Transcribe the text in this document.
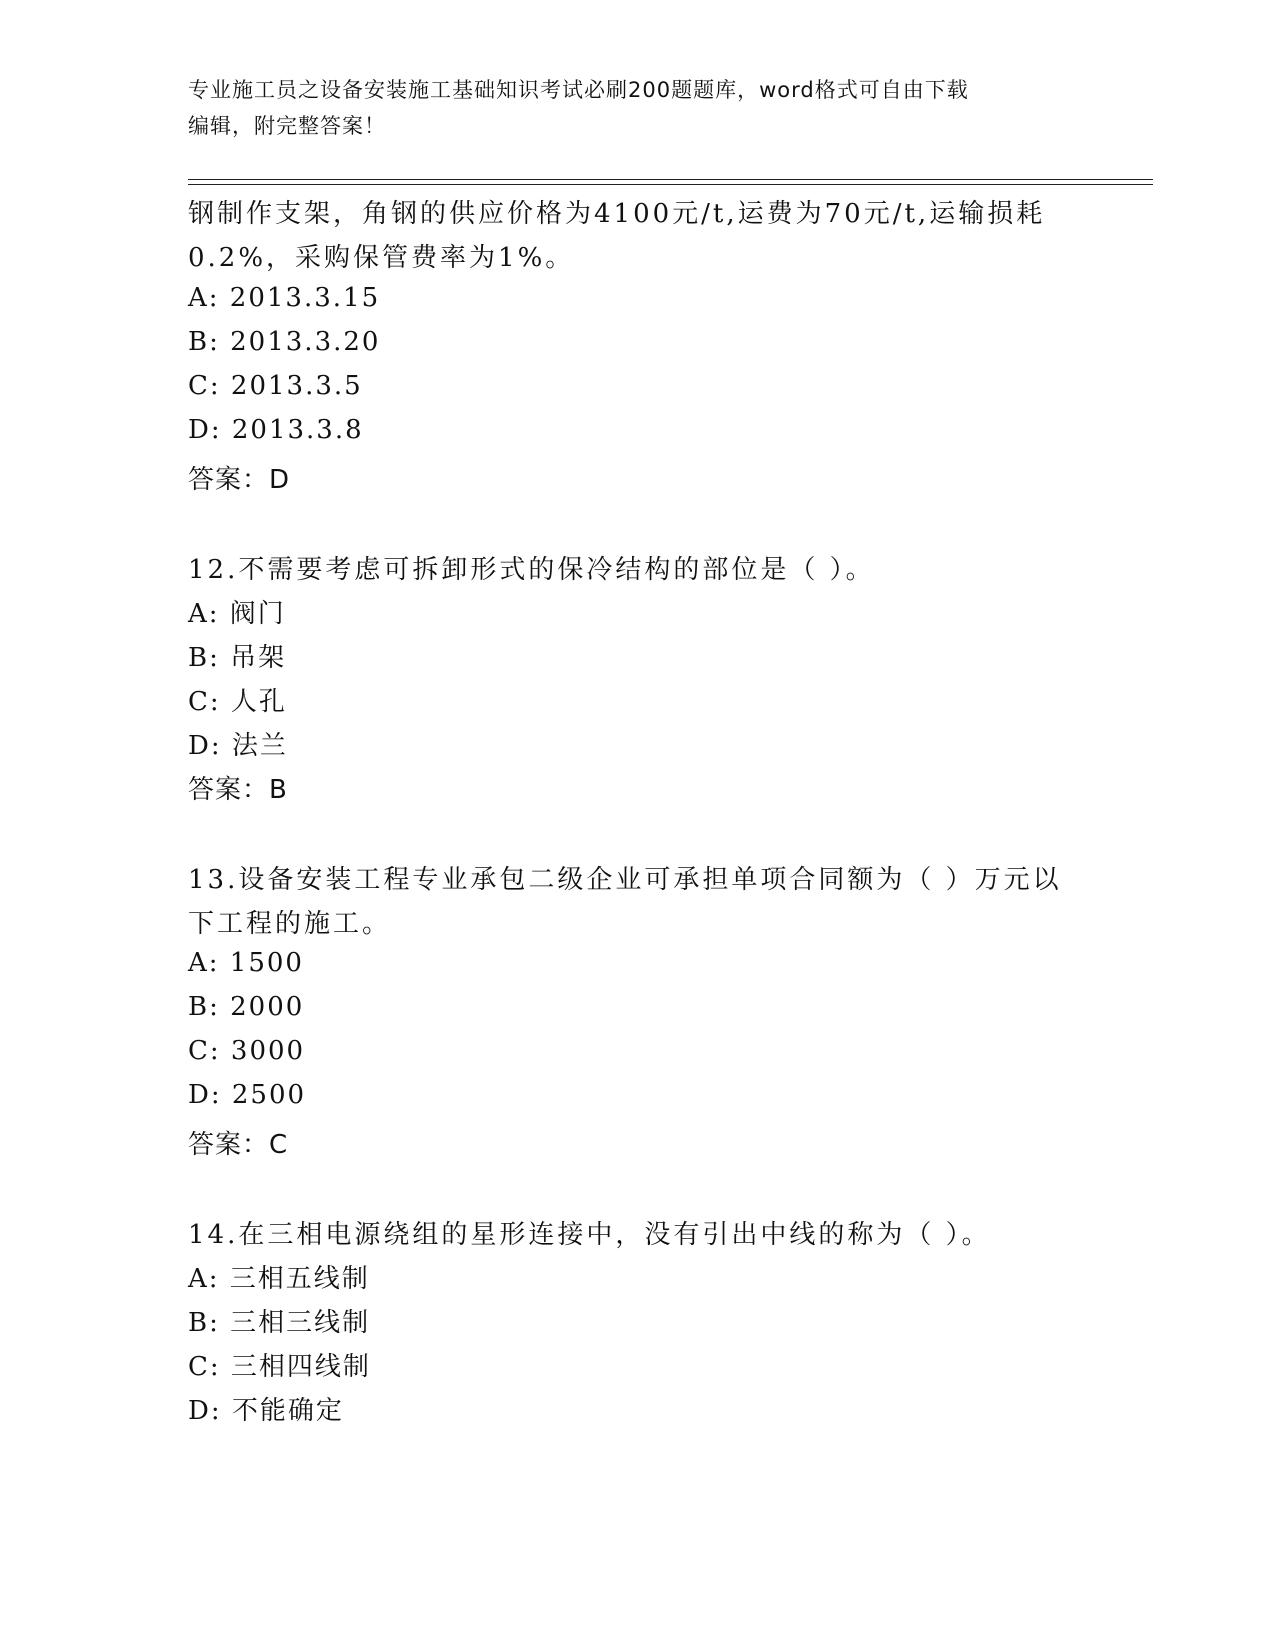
专业施工员之设备安装施工基础知识考试必刷200题题库，word格式可自由下载
编辑，附完整答案！
钢制作支架，角钢的供应价格为4100元/t,运费为70元/t,运输损耗
0.2%，采购保管费率为1%。
A: 2013.3.15
B: 2013.3.20
C: 2013.3.5
D: 2013.3.8
答案：D
12.不需要考虑可拆卸形式的保冷结构的部位是（ ）。
A: 阀门
B: 吊架
C: 人孔
D: 法兰
答案：B
13.设备安装工程专业承包二级企业可承担单项合同额为（ ）万元以
下工程的施工。
A: 1500
B: 2000
C: 3000
D: 2500
答案：C
14.在三相电源绕组的星形连接中，没有引出中线的称为（ ）。
A: 三相五线制
B: 三相三线制
C: 三相四线制
D: 不能确定
